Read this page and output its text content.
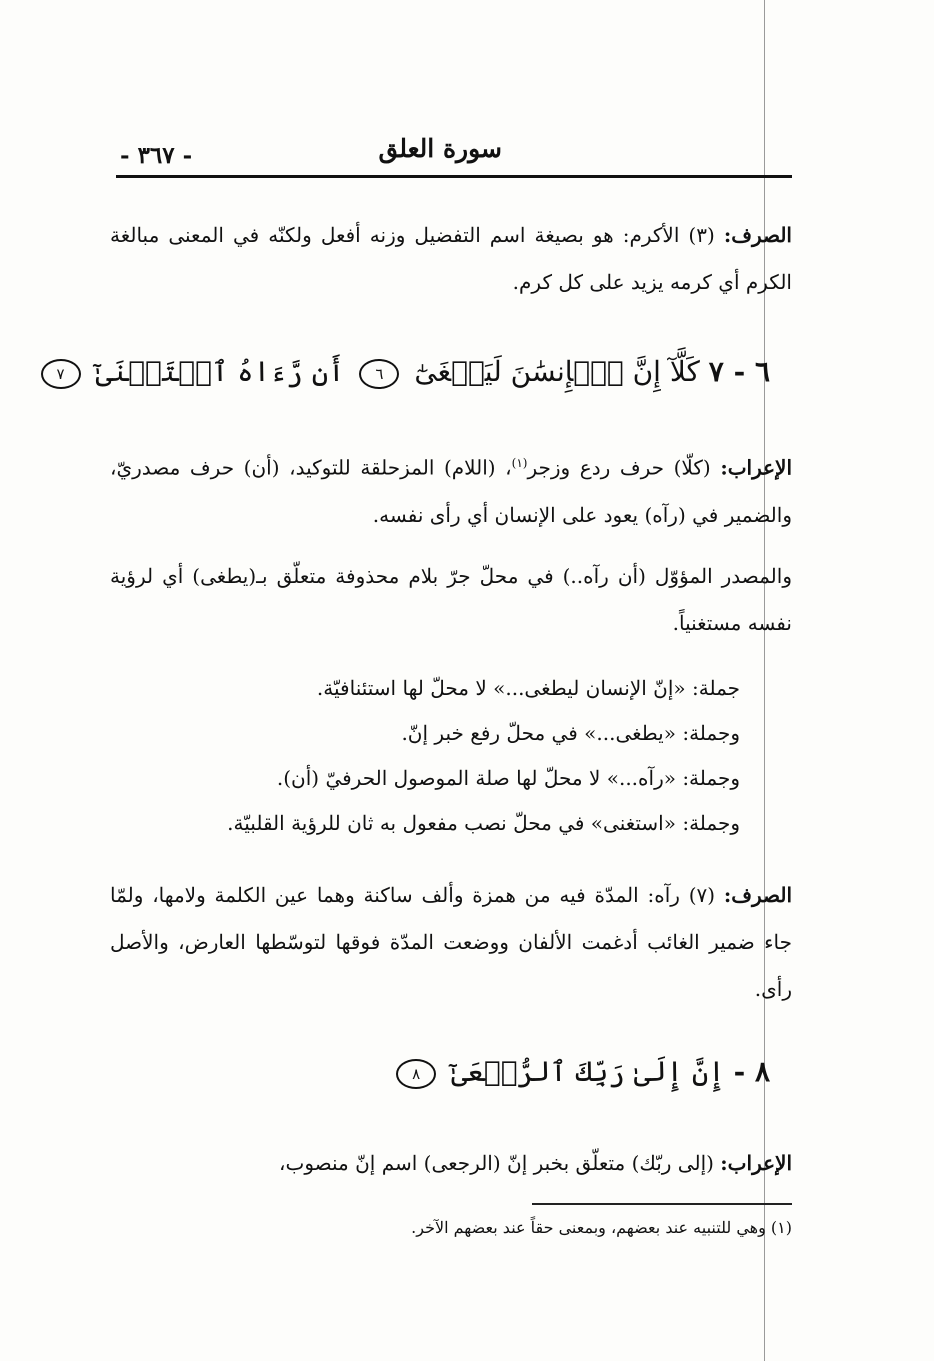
سورة العلق
- ٣٦٧ -
الصرف: (٣) الأكرم: هو بصيغة اسم التفضيل وزنه أفعل ولكنّه في المعنى مبالغة الكرم أي كرمه يزيد على كل كرم.
٦ - ٧ كَلَّآ إِنَّ ٱلۡإِنسَٰنَ لَيَطۡغَىٰٓ ٦ أَن رَّءَاهُ ٱسۡتَغۡنَىٰٓ ٧
الإعراب: (كلّا) حرف ردع وزجر$^{(١)}$، (اللام) المزحلقة للتوكيد، (أن) حرف مصدريّ، والضمير في (رآه) يعود على الإنسان أي رأى نفسه.
والمصدر المؤوّل (أن رآه..) في محلّ جرّ بلام محذوفة متعلّق بـ(يطغى) أي لرؤية نفسه مستغنياً.
جملة: «إنّ الإنسان ليطغى...» لا محلّ لها استئنافيّة.
وجملة: «يطغى...» في محلّ رفع خبر إنّ.
وجملة: «رآه...» لا محلّ لها صلة الموصول الحرفيّ (أن).
وجملة: «استغنى» في محلّ نصب مفعول به ثان للرؤية القلبيّة.
الصرف: (٧) رآه: المدّة فيه من همزة وألف ساكنة وهما عين الكلمة ولامها، ولمّا جاء ضمير الغائب أدغمت الألفان ووضعت المدّة فوقها لتوسّطها العارض، والأصل رأى.
٨ - إِنَّ إِلَىٰ رَبِّكَ ٱلرُّجۡعَىٰٓ ٨
الإعراب: (إلى ربّك) متعلّق بخبر إنّ (الرجعى) اسم إنّ منصوب،
(١) وهي للتنبيه عند بعضهم، وبمعنى حقاً عند بعضهم الآخر.
